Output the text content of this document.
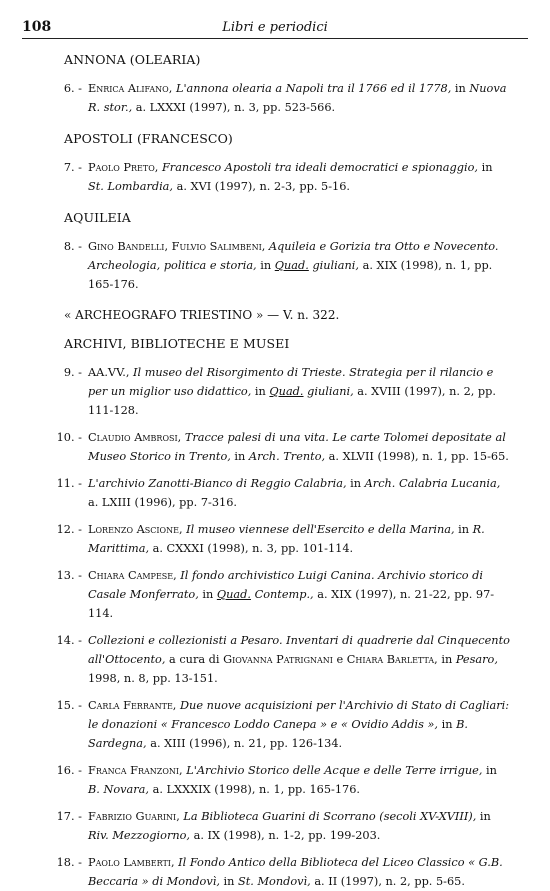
108	Libri e periodici
ANNONA (OLEARIA)
6. - Enrica Alifano, L'annona olearia a Napoli tra il 1766 ed il 1778, in Nuova R. stor., a. LXXXI (1997), n. 3, pp. 523-566.
APOSTOLI (FRANCESCO)
7. - Paolo Preto, Francesco Apostoli tra ideali democratici e spionaggio, in St. Lombardia, a. XVI (1997), n. 2-3, pp. 5-16.
AQUILEIA
8. - Gino Bandelli, Fulvio Salimbeni, Aquileia e Gorizia tra Otto e Novecento. Archeologia, politica e storia, in Quad. giuliani, a. XIX (1998), n. 1, pp. 165-176.
« ARCHEOGRAFO TRIESTINO » — V. n. 322.
ARCHIVI, BIBLIOTECHE E MUSEI
9. - AA.VV., Il museo del Risorgimento di Trieste. Strategia per il rilancio e per un miglior uso didattico, in Quad. giuliani, a. XVIII (1997), n. 2, pp. 111-128.
10. - Claudio Ambrosi, Tracce palesi di una vita. Le carte Tolomei depositate al Museo Storico in Trento, in Arch. Trento, a. XLVII (1998), n. 1, pp. 15-65.
11. - L'archivio Zanotti-Bianco di Reggio Calabria, in Arch. Calabria Lucania, a. LXIII (1996), pp. 7-316.
12. - Lorenzo Ascione, Il museo viennese dell'Esercito e della Marina, in R. Marittima, a. CXXXI (1998), n. 3, pp. 101-114.
13. - Chiara Campese, Il fondo archivistico Luigi Canina. Archivio storico di Casale Monferrato, in Quad. Contemp., a. XIX (1997), n. 21-22, pp. 97-114.
14. - Collezioni e collezionisti a Pesaro. Inventari di quadrerie dal Cinquecento all'Ottocento, a cura di Giovanna Patrignani e Chiara Barletta, in Pesaro, 1998, n. 8, pp. 13-151.
15. - Carla Ferrante, Due nuove acquisizioni per l'Archivio di Stato di Cagliari: le donazioni « Francesco Loddo Canepa » e « Ovidio Addis », in B. Sardegna, a. XIII (1996), n. 21, pp. 126-134.
16. - Franca Franzoni, L'Archivio Storico delle Acque e delle Terre irrigue, in B. Novara, a. LXXXIX (1998), n. 1, pp. 165-176.
17. - Fabrizio Guarini, La Biblioteca Guarini di Scorrano (secoli XV-XVIII), in Riv. Mezzogiorno, a. IX (1998), n. 1-2, pp. 199-203.
18. - Paolo Lamberti, Il Fondo Antico della Biblioteca del Liceo Classico « G.B. Beccaria » di Mondovì, in St. Mondovì, a. II (1997), n. 2, pp. 5-65.
